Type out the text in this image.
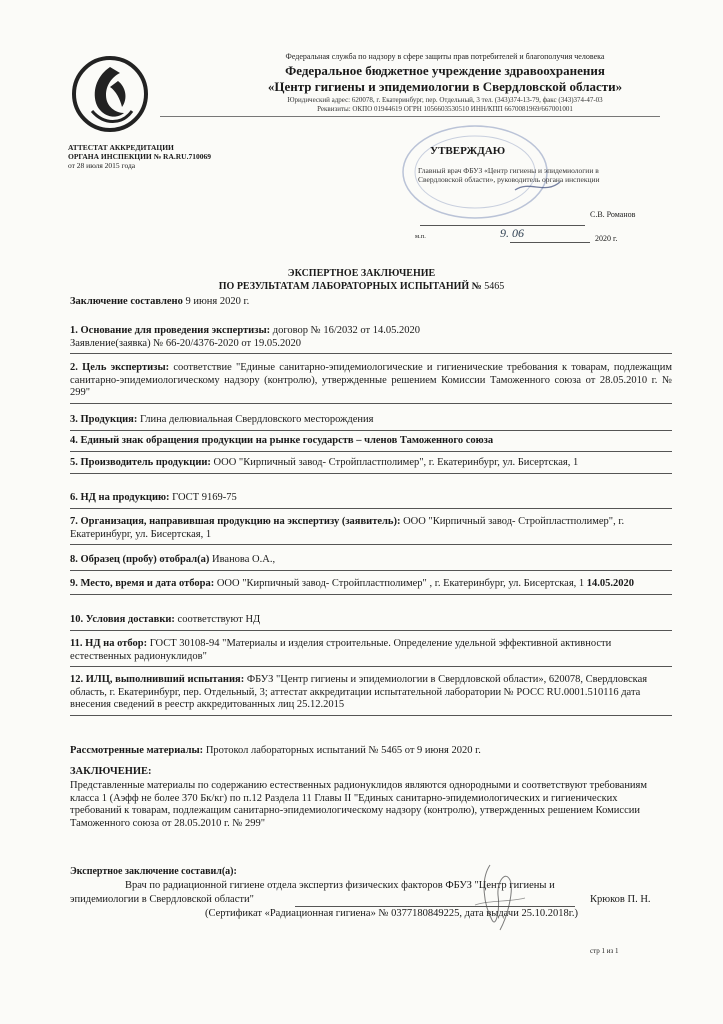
Федеральная служба по надзору в сфере защиты прав потребителей и благополучия человека
Федеральное бюджетное учреждение здравоохранения
«Центр гигиены и эпидемиологии в Свердловской области»
Юридический адрес: 620078, г. Екатеринбург, пер. Отдельный, 3 тел. (343)374-13-79, факс (343)374-47-03
Реквизиты: ОКПО 01944619 ОГРН 1056603530510 ИНН/КПП 6670081969/667001001
АТТЕСТАТ АККРЕДИТАЦИИ
ОРГАНА ИНСПЕКЦИИ № RA.RU.710069
от 28 июля 2015 года
УТВЕРЖДАЮ
Главный врач ФБУЗ «Центр гигиены и эпидемиологии в Свердловской области», руководитель органа инспекции
С.В. Романов
м.п.	9. 06	2020 г.
ЭКСПЕРТНОЕ ЗАКЛЮЧЕНИЕ
ПО РЕЗУЛЬТАТАМ ЛАБОРАТОРНЫХ ИСПЫТАНИЙ № 5465
Заключение составлено 9 июня 2020 г.
1. Основание для проведения экспертизы: договор № 16/2032 от 14.05.2020
Заявление(заявка) № 66-20/4376-2020 от 19.05.2020
2. Цель экспертизы: соответствие "Единые санитарно-эпидемиологические и гигиенические требования к товарам, подлежащим санитарно-эпидемиологическому надзору (контролю), утвержденные решением Комиссии Таможенного союза от 28.05.2010 г. № 299"
3. Продукция: Глина делювиальная Свердловского месторождения
4. Единый знак обращения продукции на рынке государств – членов Таможенного союза
5. Производитель продукции: ООО "Кирпичный завод- Стройпластполимер", г. Екатеринбург, ул. Бисертская, 1
6. НД на продукцию: ГОСТ 9169-75
7. Организация, направившая продукцию на экспертизу (заявитель): ООО "Кирпичный завод- Стройпластполимер", г. Екатеринбург, ул. Бисертская, 1
8. Образец (пробу) отобрал(а) Иванова О.А.,
9. Место, время и дата отбора: ООО "Кирпичный завод- Стройпластполимер" , г. Екатеринбург, ул. Бисертская, 1 14.05.2020
10. Условия доставки: соответствуют НД
11. НД на отбор: ГОСТ 30108-94 "Материалы и изделия строительные. Определение удельной эффективной активности естественных радионуклидов"
12. ИЛЦ, выполнивший испытания: ФБУЗ "Центр гигиены и эпидемиологии в Свердловской области», 620078, Свердловская область, г. Екатеринбург, пер. Отдельный, 3; аттестат аккредитации испытательной лаборатории № РОСС RU.0001.510116 дата внесения сведений в реестр аккредитованных лиц 25.12.2015
Рассмотренные материалы: Протокол лабораторных испытаний № 5465 от 9 июня 2020 г.
ЗАКЛЮЧЕНИЕ:
Представленные материалы по содержанию естественных радионуклидов являются однородными и соответствуют требованиям класса 1 (Аэфф не более 370 Бк/кг) по п.12 Раздела 11 Главы II "Единых санитарно-эпидемиологических и гигиенических требований к товарам, подлежащим санитарно-эпидемиологическому надзору (контролю), утвержденных решением Комиссии Таможенного союза от 28.05.2010 г. № 299"
Экспертное заключение составил(а):
Врач по радиационной гигиене отдела экспертиз физических факторов ФБУЗ "Центр гигиены и
эпидемиологии в Свердловской области"	Крюков П. Н.
(Сертификат «Радиационная гигиена» № 0377180849225, дата выдачи 25.10.2018г.)
стр 1 из 1
